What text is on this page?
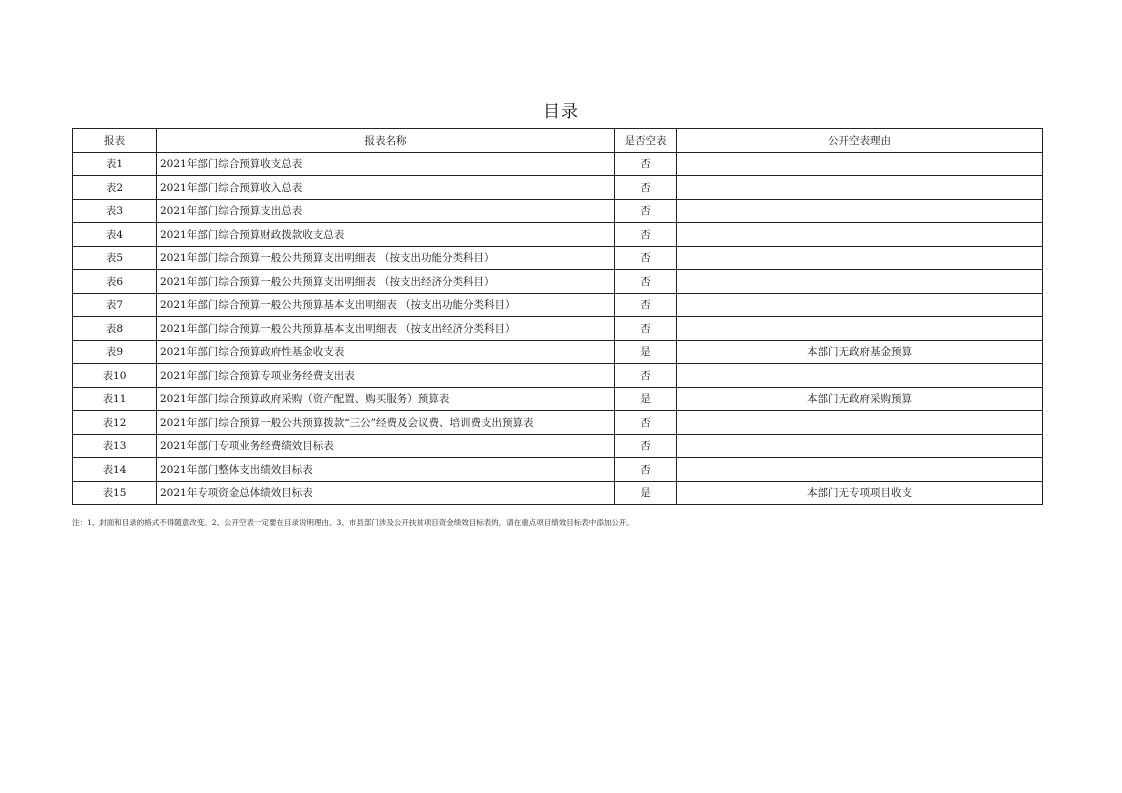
目录
报表	报表名称	是否空表	公开空表理由
表1	2021年部门综合预算收支总表	否	
表2	2021年部门综合预算收入总表	否	
表3	2021年部门综合预算支出总表	否	
表4	2021年部门综合预算财政拨款收支总表	否	
表5	2021年部门综合预算一般公共预算支出明细表 （按支出功能分类科目）	否	
表6	2021年部门综合预算一般公共预算支出明细表 （按支出经济分类科目）	否	
表7	2021年部门综合预算一般公共预算基本支出明细表 （按支出功能分类科目）	否	
表8	2021年部门综合预算一般公共预算基本支出明细表 （按支出经济分类科目）	否	
表9	2021年部门综合预算政府性基金收支表	是	本部门无政府基金预算
表10	2021年部门综合预算专项业务经费支出表	否	
表11	2021年部门综合预算政府采购（资产配置、购买服务）预算表	是	本部门无政府采购预算
表12	2021年部门综合预算一般公共预算拨款“三公”经费及会议费、培训费支出预算表	否	
表13	2021年部门专项业务经费绩效目标表	否	
表14	2021年部门整体支出绩效目标表	否	
表15	2021年专项资金总体绩效目标表	是	本部门无专项项目收支
注：1、封面和目录的格式不得随意改变。2、公开空表一定要在目录说明理由。3、市县部门涉及公开扶贫项目资金绩效目标表的，请在重点项目绩效目标表中添加公开。
